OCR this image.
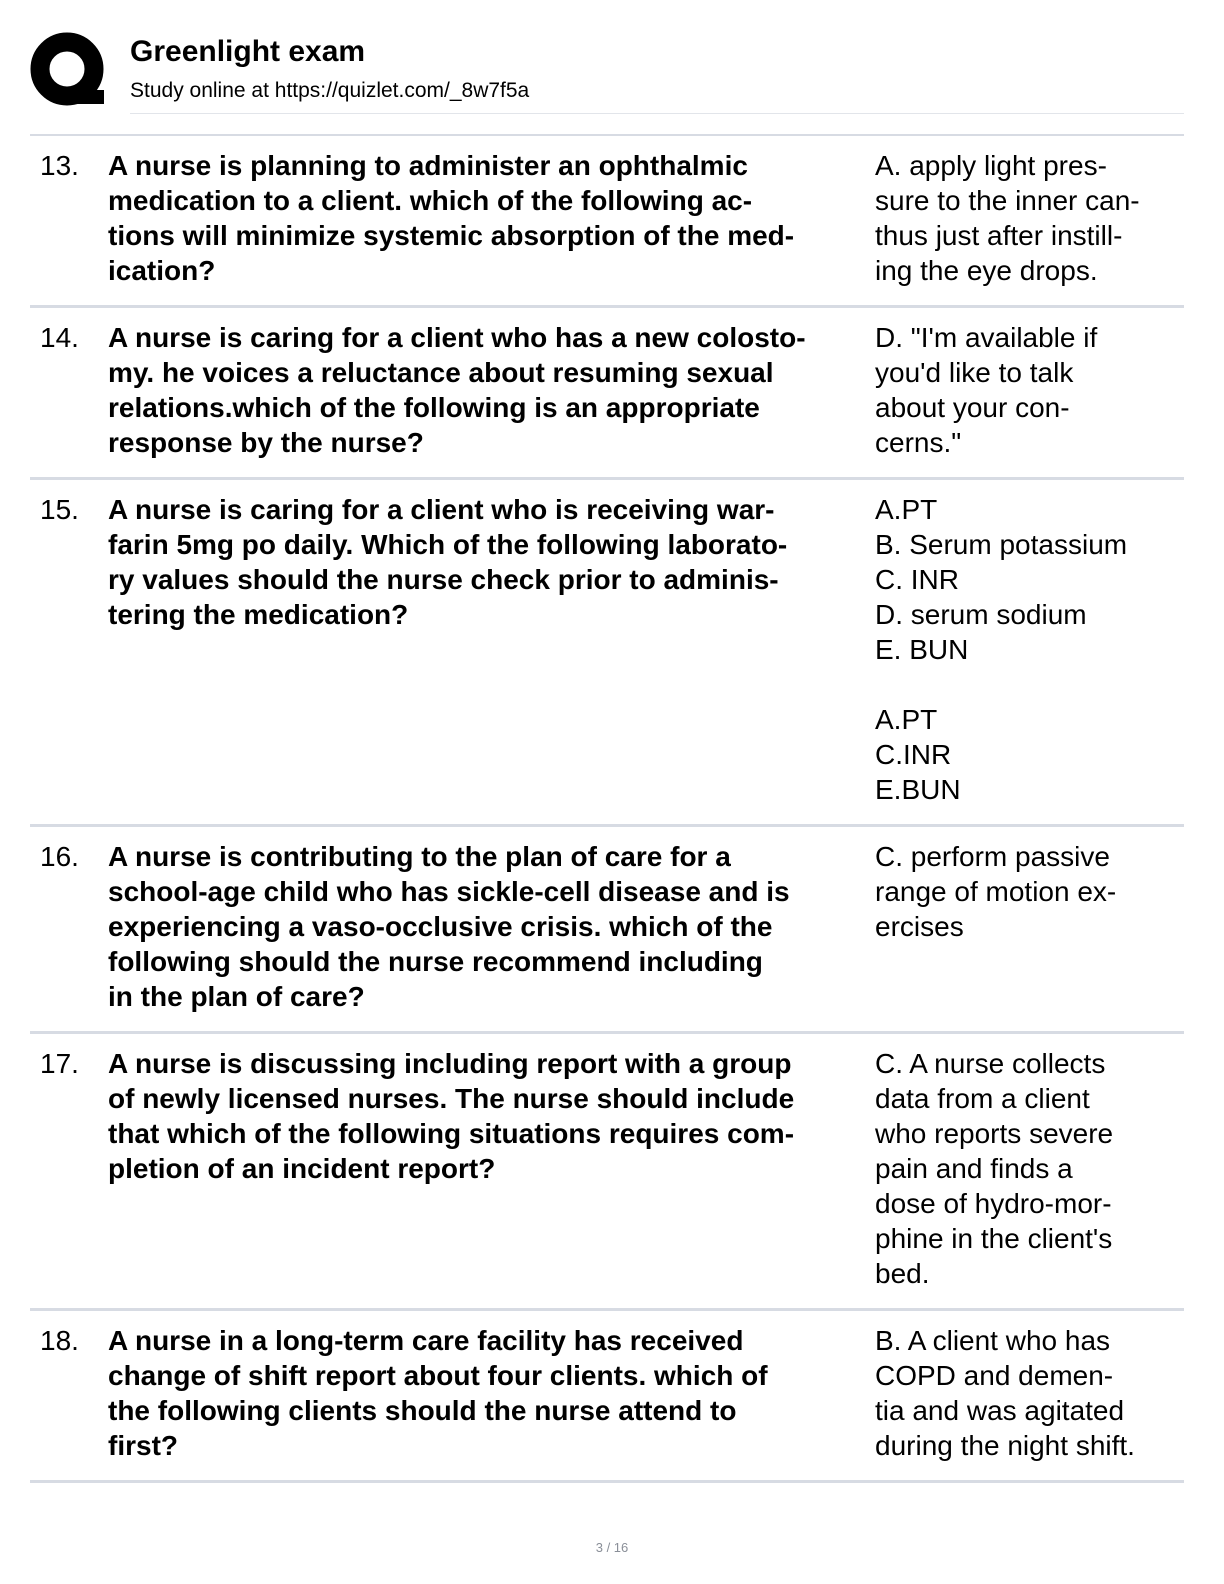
Greenlight exam
Study online at https://quizlet.com/_8w7f5a
13. A nurse is planning to administer an ophthalmic
medication to a client. which of the following ac-
tions will minimize systemic absorption of the med-
ication?
A. apply light pres-
sure to the inner can-
thus just after instill-
ing the eye drops.
14. A nurse is caring for a client who has a new colosto-
my. he voices a reluctance about resuming sexual
relations.which of the following is an appropriate
response by the nurse?
D. "I'm available if
you'd like to talk
about your con-
cerns."
15. A nurse is caring for a client who is receiving war-
farin 5mg po daily. Which of the following laborato-
ry values should the nurse check prior to adminis-
tering the medication?
A.PT
B. Serum potassium
C. INR
D. serum sodium
E. BUN
A.PT
C.INR
E.BUN
16. A nurse is contributing to the plan of care for a
school-age child who has sickle-cell disease and is
experiencing a vaso-occlusive crisis. which of the
following should the nurse recommend including
in the plan of care?
C. perform passive
range of motion ex-
ercises
17. A nurse is discussing including report with a group
of newly licensed nurses. The nurse should include
that which of the following situations requires com-
pletion of an incident report?
C. A nurse collects
data from a client
who reports severe
pain and finds a
dose of hydro-mor-
phine in the client's
bed.
18. A nurse in a long-term care facility has received
change of shift report about four clients. which of
the following clients should the nurse attend to
first?
B. A client who has
COPD and demen-
tia and was agitated
during the night shift.
3 / 16
